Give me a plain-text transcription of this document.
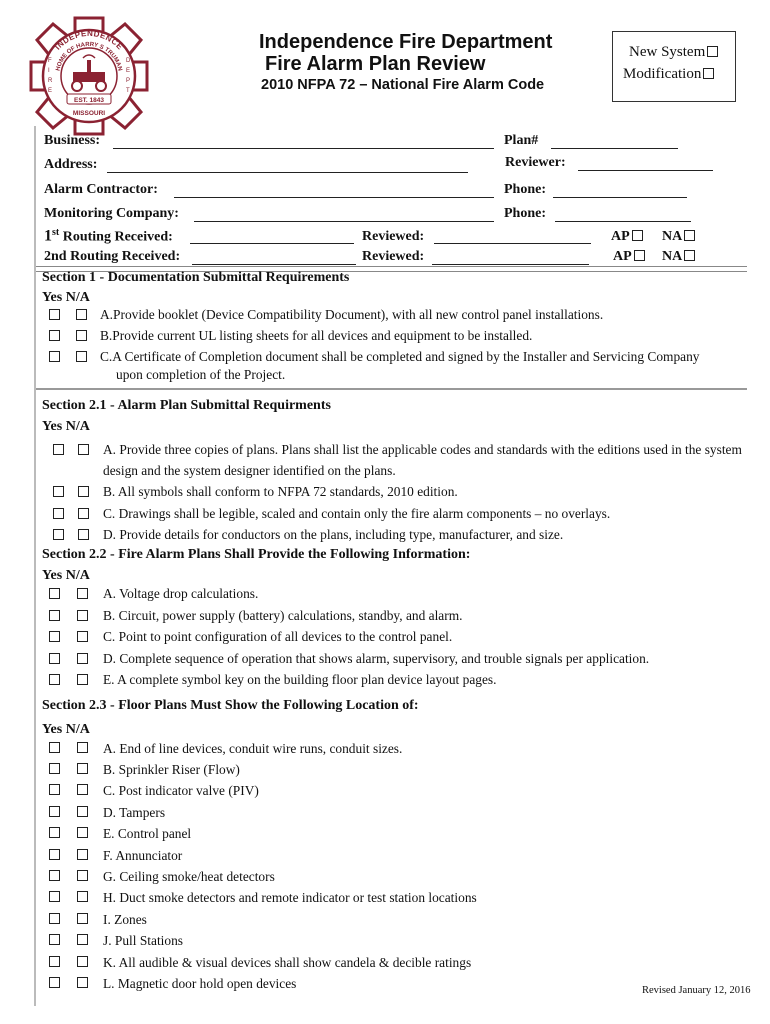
INDEPENDENCE
HOME OF HARRY S TRUMAN
F
I
R
E
D
E
P
T
EST. 1843
MISSOURI
Independence Fire Department
Fire Alarm Plan Review
2010 NFPA 72 – National Fire Alarm Code
New System
Modification
Business:	Plan#
Address:	Reviewer:
Alarm Contractor:	Phone:
Monitoring Company:	Phone:
1st Routing Received:	Reviewed:	AP	NA
2nd Routing Received:	Reviewed:	AP	NA
Section 1 - Documentation Submittal Requirements
Yes N/A
A.Provide booklet (Device Compatibility Document), with all new control panel installations.
B.Provide current UL listing sheets for all devices and equipment to be installed.
C.A Certificate of Completion document shall be completed and signed by the Installer and Servicing Company
upon completion of the Project.
Section 2.1 - Alarm Plan Submittal Requirments
Yes N/A
A. Provide three copies of plans. Plans shall list the applicable codes and standards with the editions used in the system
design and the system designer identified on the plans.
B. All symbols shall conform to NFPA 72 standards, 2010 edition.
C. Drawings shall be legible, scaled and contain only the fire alarm components – no overlays.
D. Provide details for conductors on the plans, including type, manufacturer, and size.
Section 2.2 - Fire Alarm Plans Shall Provide the Following Information:
Yes N/A
A. Voltage drop calculations.
B. Circuit, power supply (battery) calculations, standby, and alarm.
C. Point to point configuration of all devices to the control panel.
D. Complete sequence of operation that shows alarm, supervisory, and trouble signals per application.
E. A complete symbol key on the building floor plan device layout pages.
Section 2.3 - Floor Plans Must Show the Following Location of:
Yes N/A
A. End of line devices, conduit wire runs, conduit sizes.
B. Sprinkler Riser (Flow)
C. Post indicator valve (PIV)
D. Tampers
E. Control panel
F. Annunciator
G. Ceiling smoke/heat detectors
H. Duct smoke detectors and remote indicator or test station locations
I. Zones
J. Pull Stations
K. All audible & visual devices shall show candela & decible ratings
L. Magnetic door hold open devices	Revised January 12, 2016
